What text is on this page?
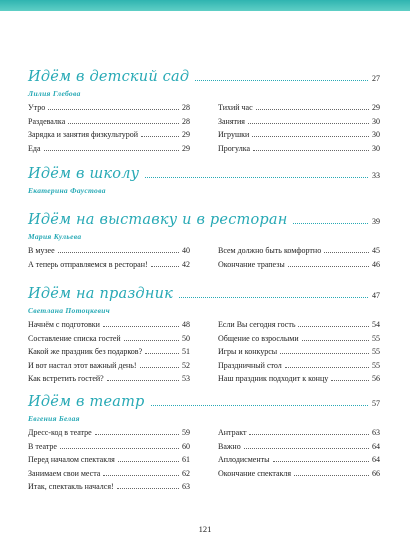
Идём в детский сад	27
Лилия Глебова
Утро	28
Раздевалка	28
Зарядка и занятия физкультурой	29
Еда	29
Тихий час	29
Занятия	30
Игрушки	30
Прогулка	30
Идём в школу	33
Екатерина Фаустова
Идём на выставку и в ресторан	39
Мария Кульева
В музее	40
А теперь отправляемся в ресторан!	42
Всем должно быть комфортно	45
Окончание трапезы	46
Идём на праздник	47
Светлана Потоцкевич
Начнём с подготовки	48
Составление списка гостей	50
Какой же праздник без подарков?	51
И вот настал этот важный день!	52
Как встретить гостей?	53
Если Вы сегодня гость	54
Общение со взрослыми	55
Игры и конкурсы	55
Праздничный стол	55
Наш праздник подходит к концу	56
Идём в театр	57
Евгения Белая
Дресс-код в театре	59
В театре	60
Перед началом спектакля	61
Занимаем свои места	62
Итак, спектакль начался!	63
Антракт	63
Важно	64
Аплодисменты	64
Окончание спектакля	66
121
